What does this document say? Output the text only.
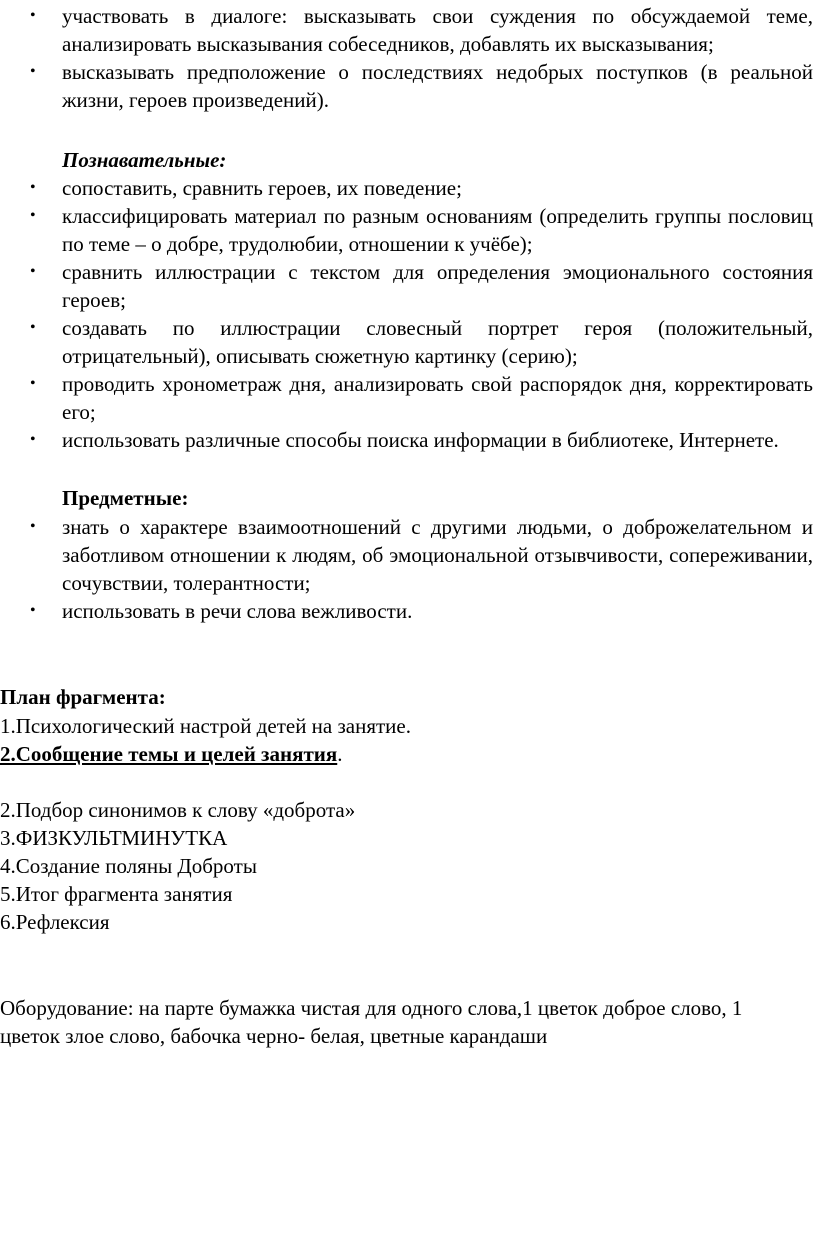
• участвовать в диалоге: высказывать свои суждения по обсуждаемой теме, анализировать высказывания собеседников, добавлять их высказывания;
• высказывать предположение о последствиях недобрых поступков (в реальной жизни, героев произведений).
Познавательные:
• сопоставить, сравнить героев, их поведение;
• классифицировать материал по разным основаниям (определить группы пословиц по теме – о добре, трудолюбии, отношении к учёбе);
• сравнить иллюстрации с текстом для определения эмоционального состояния героев;
• создавать по иллюстрации словесный портрет героя (положительный, отрицательный), описывать сюжетную картинку (серию);
• проводить хронометраж дня, анализировать свой распорядок дня, корректировать его;
• использовать различные способы поиска информации в библиотеке, Интернете.
Предметные:
• знать о характере взаимоотношений с другими людьми, о доброжелательном и заботливом отношении к людям, об эмоциональной отзывчивости, сопереживании, сочувствии, толерантности;
• использовать в речи слова вежливости.
План фрагмента:
1.Психологический настрой детей на занятие.
2.Сообщение темы и целей занятия.
2.Подбор синонимов к слову «доброта»
3.ФИЗКУЛЬТМИНУТКА
4.Создание поляны Доброты
5.Итог фрагмента занятия
6.Рефлексия
Оборудование: на парте бумажка чистая для одного слова,1 цветок доброе слово, 1 цветок злое слово, бабочка черно- белая, цветные карандаши
